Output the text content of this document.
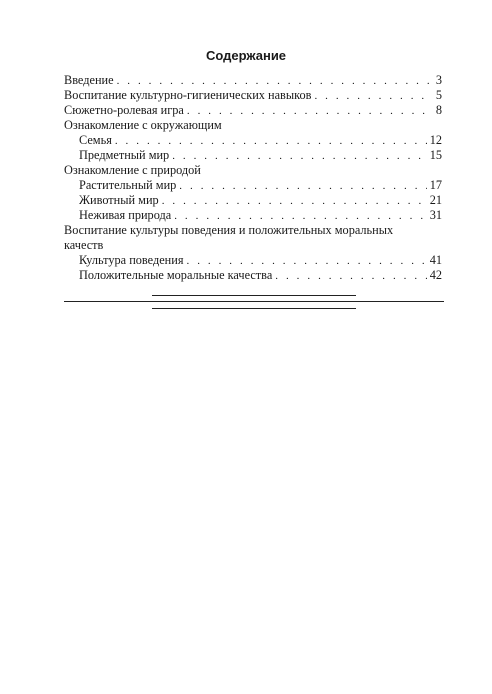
Содержание
Введение . . .	3
Воспитание культурно-гигиенических навыков . . .	5
Сюжетно-ролевая игра . . .	8
Ознакомление с окружающим
Семья . . .	12
Предметный мир . . .	15
Ознакомление с природой
Растительный мир . . .	17
Животный мир . . .	21
Неживая природа . . .	31
Воспитание культуры поведения и положительных моральных
качеств
Культура поведения . . .	41
Положительные моральные качества . . .	42
